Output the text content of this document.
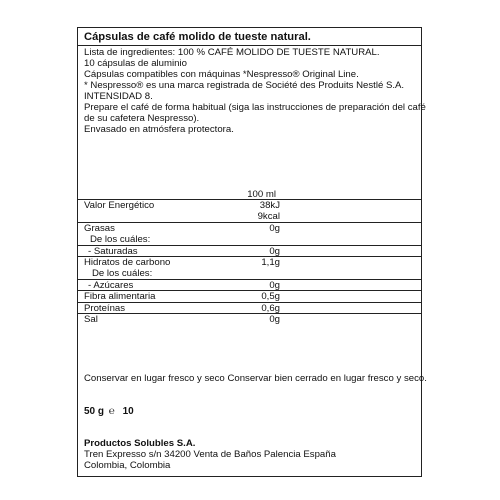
Cápsulas de café molido de tueste natural.
Lista de ingredientes: 100 % CAFÉ MOLIDO DE TUESTE NATURAL.
10 cápsulas de aluminio
Cápsulas compatibles con máquinas *Nespresso® Original Line.
* Nespresso® es una marca registrada de Société des Produits Nestlé S.A.
INTENSIDAD 8.
Prepare el café de forma habitual (siga las instrucciones de preparación del café
de su cafetera Nespresso).
Envasado en atmósfera protectora.
100 ml
Valor Energético	38kJ
9kcal
Grasas	0g
De los cuáles:
- Saturadas	0g
Hidratos de carbono	1,1g
De los cuáles:
- Azúcares	0g
Fibra alimentaria	0,5g
Proteínas	0,6g
Sal	0g
Conservar en lugar fresco y seco Conservar bien cerrado en lugar fresco y seco.
50 g ℮ 10
Productos Solubles S.A.
Tren Expresso s/n 34200 Venta de Baños Palencia España
Colombia, Colombia
